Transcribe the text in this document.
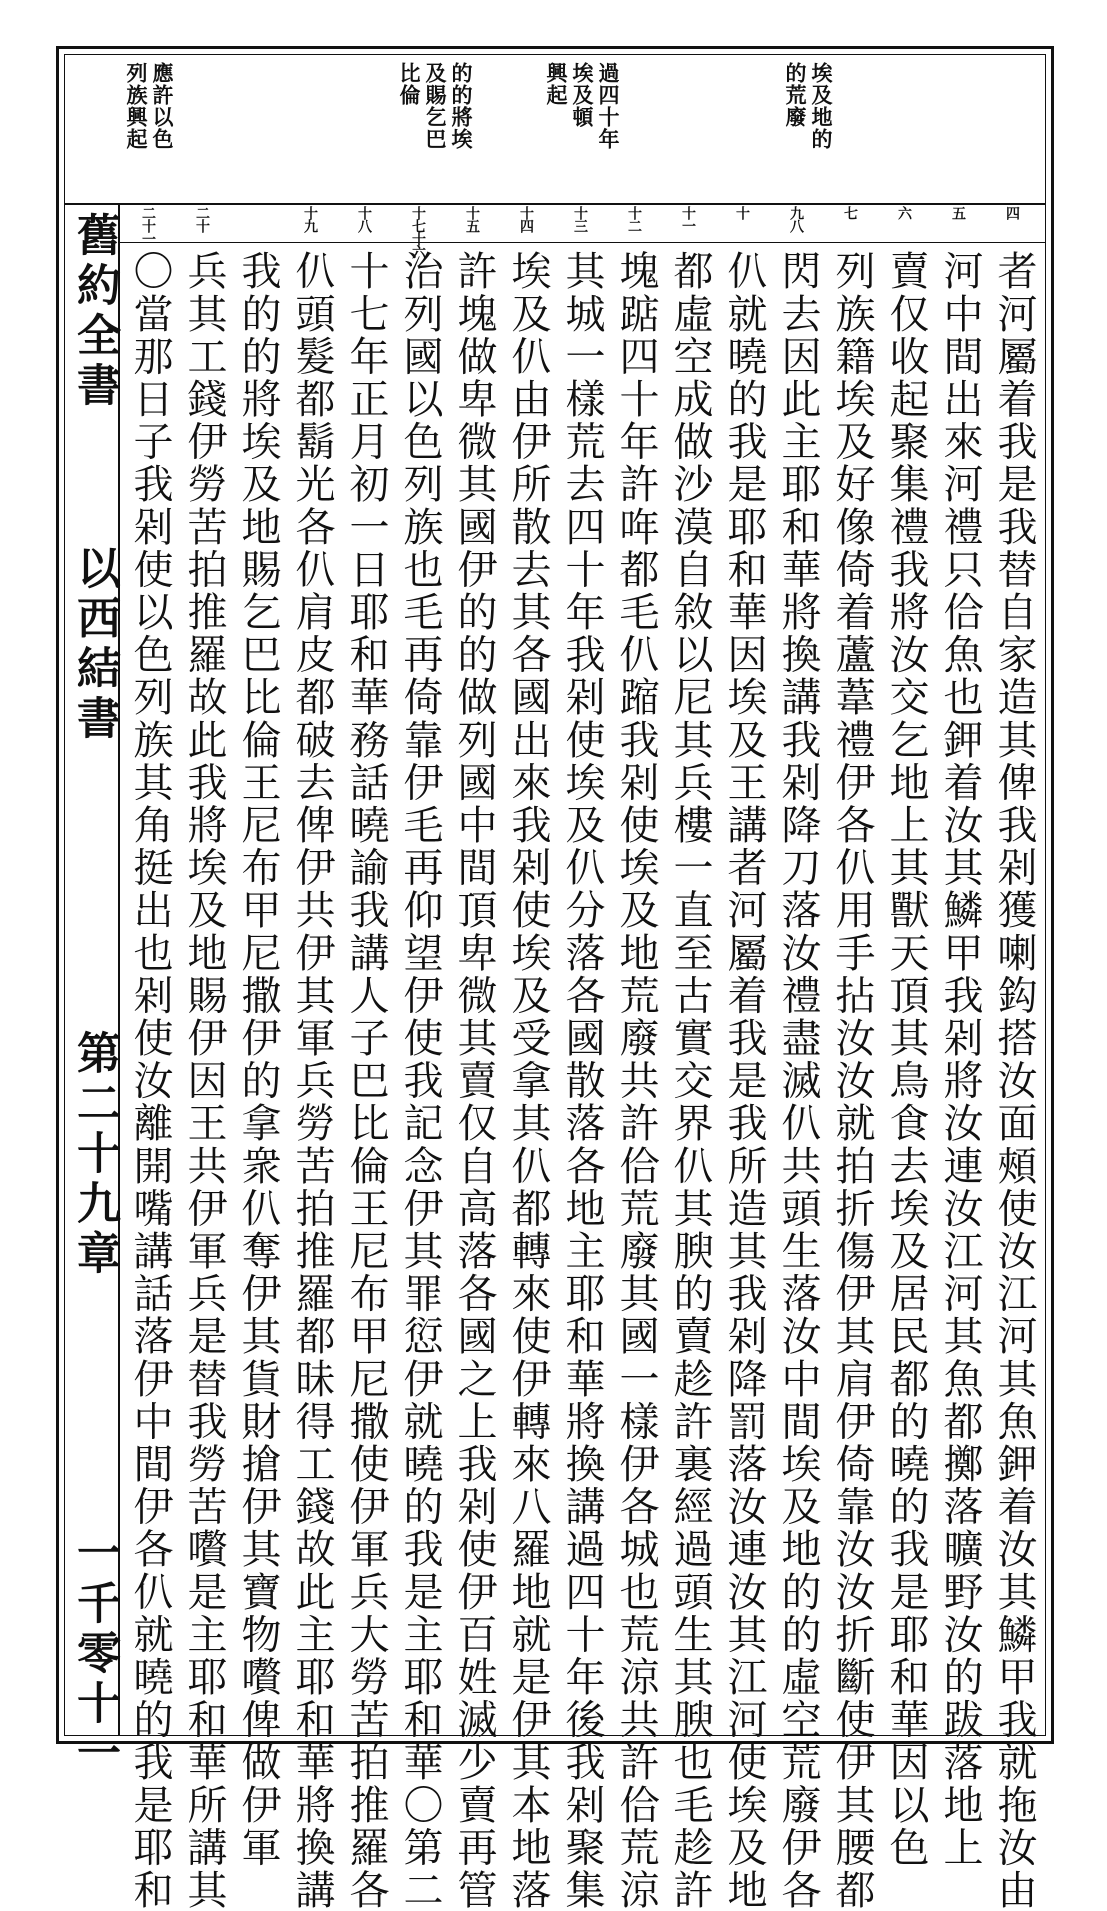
舊約全書
以西結書
第二十九章
一千零十一
埃及地的
的荒廢
過四十年
埃及頓
興起
的的將埃
及賜乞巴
比倫
應許以色
列族興起
四
五
六
七
九八
十
十一
十二
十三
十四
十五
十七十六
十八
十九
二十
二十一
者河屬着我是我替自家造其俾我剁獲喇鈎搭汝面頰使汝江河其魚鉀着汝其鱗甲我就拖汝由
河中間出來河禮只佮魚也鉀着汝其鱗甲我剁將汝連汝江河其魚都擲落曠野汝的跋落地上
賣仅收起聚集禮我將汝交乞地上其獸天頂其鳥食去埃及居民都的曉的我是耶和華因以色
列族籍埃及好像倚着蘆葦禮伊各仈用手拈汝汝就拍折傷伊其肩伊倚靠汝汝折斷使伊其腰都
閃去因此主耶和華將換講我剁降刀落汝禮盡滅仈共頭生落汝中間埃及地的的虛空荒廢伊各
仈就曉的我是耶和華因埃及王講者河屬着我是我所造其我剁降罰落汝連汝其江河使埃及地
都虛空成做沙漠自敘以尼其兵樓一直至古實交界仈其腴的賣趁許裏經過頭生其腴也毛趁許
塊踮四十年許哖都毛仈蹜我剁使埃及地荒廢共許佮荒廢其國一樣伊各城也荒涼共許佮荒涼
其城一樣荒去四十年我剁使埃及仈分落各國散落各地主耶和華將換講過四十年後我剁聚集
埃及仈由伊所散去其各國出來我剁使埃及受拿其仈都轉來使伊轉來八羅地就是伊其本地落
許塊做卑微其國伊的的做列國中間頂卑微其賣仅自高落各國之上我剁使伊百姓滅少賣再管
治列國以色列族也毛再倚靠伊毛再仰望伊使我記念伊其罪愆伊就曉的我是主耶和華〇第二
十七年正月初一日耶和華務話曉諭我講人子巴比倫王尼布甲尼撒使伊軍兵大勞苦拍推羅各
仈頭髮都鬍光各仈肩皮都破去俾伊共伊其軍兵勞苦拍推羅都昧得工錢故此主耶和華將換講
我的的將埃及地賜乞巴比倫王尼布甲尼撒伊的拿衆仈奪伊其貨財搶伊其寶物嚽俾做伊軍
兵其工錢伊勞苦拍推羅故此我將埃及地賜伊因王共伊軍兵是替我勞苦嚽是主耶和華所講其
〇當那日子我剁使以色列族其角挺出也剁使汝離開嘴講話落伊中間伊各仈就曉的我是耶和
